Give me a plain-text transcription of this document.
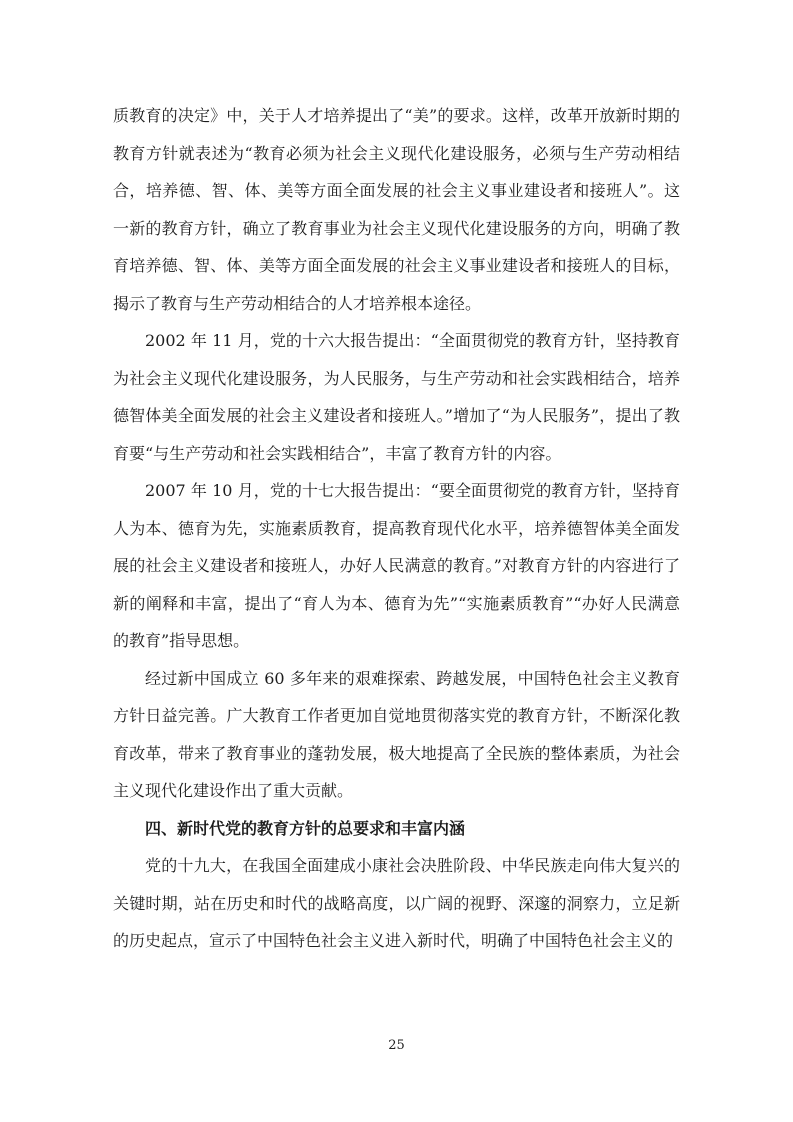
质教育的决定》中，关于人才培养提出了“美”的要求。这样，改革开放新时期的教育方针就表述为“教育必须为社会主义现代化建设服务，必须与生产劳动相结合，培养德、智、体、美等方面全面发展的社会主义事业建设者和接班人”。这一新的教育方针，确立了教育事业为社会主义现代化建设服务的方向，明确了教育培养德、智、体、美等方面全面发展的社会主义事业建设者和接班人的目标，揭示了教育与生产劳动相结合的人才培养根本途径。

2002 年 11 月，党的十六大报告提出：“全面贯彻党的教育方针，坚持教育为社会主义现代化建设服务，为人民服务，与生产劳动和社会实践相结合，培养德智体美全面发展的社会主义建设者和接班人。”增加了“为人民服务”，提出了教育要“与生产劳动和社会实践相结合”，丰富了教育方针的内容。

2007 年 10 月，党的十七大报告提出：“要全面贯彻党的教育方针，坚持育人为本、德育为先，实施素质教育，提高教育现代化水平，培养德智体美全面发展的社会主义建设者和接班人，办好人民满意的教育。”对教育方针的内容进行了新的阐释和丰富，提出了“育人为本、德育为先”“实施素质教育”“办好人民满意的教育”指导思想。

经过新中国成立 60 多年来的艰难探索、跨越发展，中国特色社会主义教育方针日益完善。广大教育工作者更加自觉地贯彻落实党的教育方针，不断深化教育改革，带来了教育事业的蓬勃发展，极大地提高了全民族的整体素质，为社会主义现代化建设作出了重大贡献。

四、新时代党的教育方针的总要求和丰富内涵

党的十九大，在我国全面建成小康社会决胜阶段、中华民族走向伟大复兴的关键时期，站在历史和时代的战略高度，以广阔的视野、深邃的洞察力，立足新的历史起点，宣示了中国特色社会主义进入新时代，明确了中国特色社会主义的

25
